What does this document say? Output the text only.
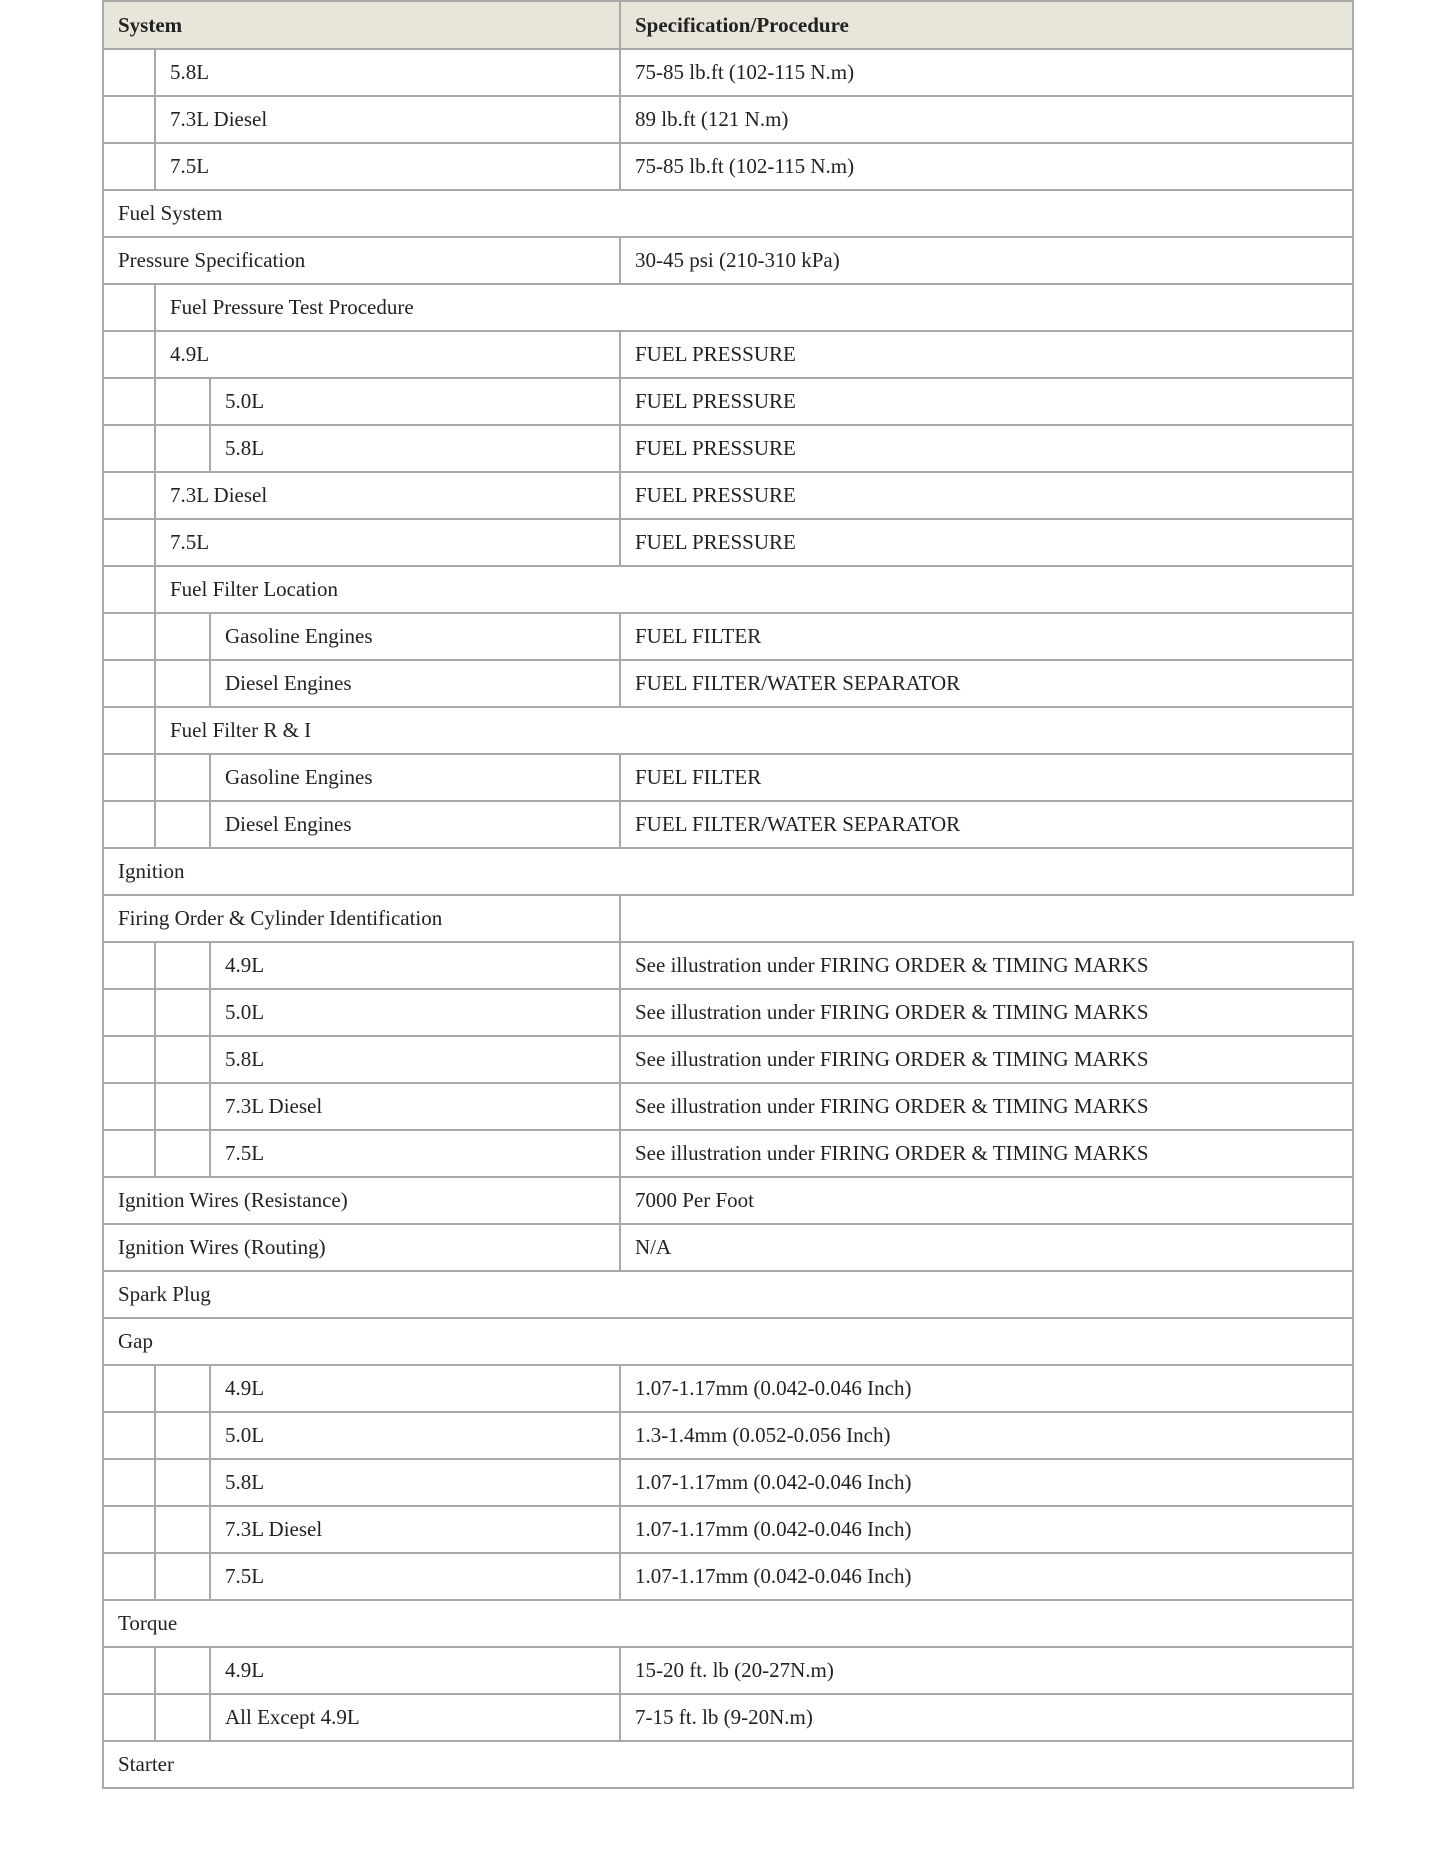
System			Specification/Procedure
	5.8L		75-85 lb.ft (102-115 N.m)
	7.3L Diesel		89 lb.ft (121 N.m)
	7.5L		75-85 lb.ft (102-115 N.m)
Fuel System			
Pressure Specification			30-45 psi (210-310 kPa)
	Fuel Pressure Test Procedure		
	4.9L		FUEL PRESSURE
		5.0L	FUEL PRESSURE
		5.8L	FUEL PRESSURE
	7.3L Diesel		FUEL PRESSURE
	7.5L		FUEL PRESSURE
	Fuel Filter Location		
		Gasoline Engines	FUEL FILTER
		Diesel Engines	FUEL FILTER/WATER SEPARATOR
	Fuel Filter R & I		
		Gasoline Engines	FUEL FILTER
		Diesel Engines	FUEL FILTER/WATER SEPARATOR
Ignition			
Firing Order & Cylinder Identification			
		4.9L	See illustration under FIRING ORDER & TIMING MARKS
		5.0L	See illustration under FIRING ORDER & TIMING MARKS
		5.8L	See illustration under FIRING ORDER & TIMING MARKS
		7.3L Diesel	See illustration under FIRING ORDER & TIMING MARKS
		7.5L	See illustration under FIRING ORDER & TIMING MARKS
Ignition Wires (Resistance)			7000 Per Foot
Ignition Wires (Routing)			N/A
Spark Plug			
Gap			
		4.9L	1.07-1.17mm (0.042-0.046 Inch)
		5.0L	1.3-1.4mm (0.052-0.056 Inch)
		5.8L	1.07-1.17mm (0.042-0.046 Inch)
		7.3L Diesel	1.07-1.17mm (0.042-0.046 Inch)
		7.5L	1.07-1.17mm (0.042-0.046 Inch)
Torque			
		4.9L	15-20 ft. lb (20-27N.m)
		All Except 4.9L	7-15 ft. lb (9-20N.m)
Starter			
